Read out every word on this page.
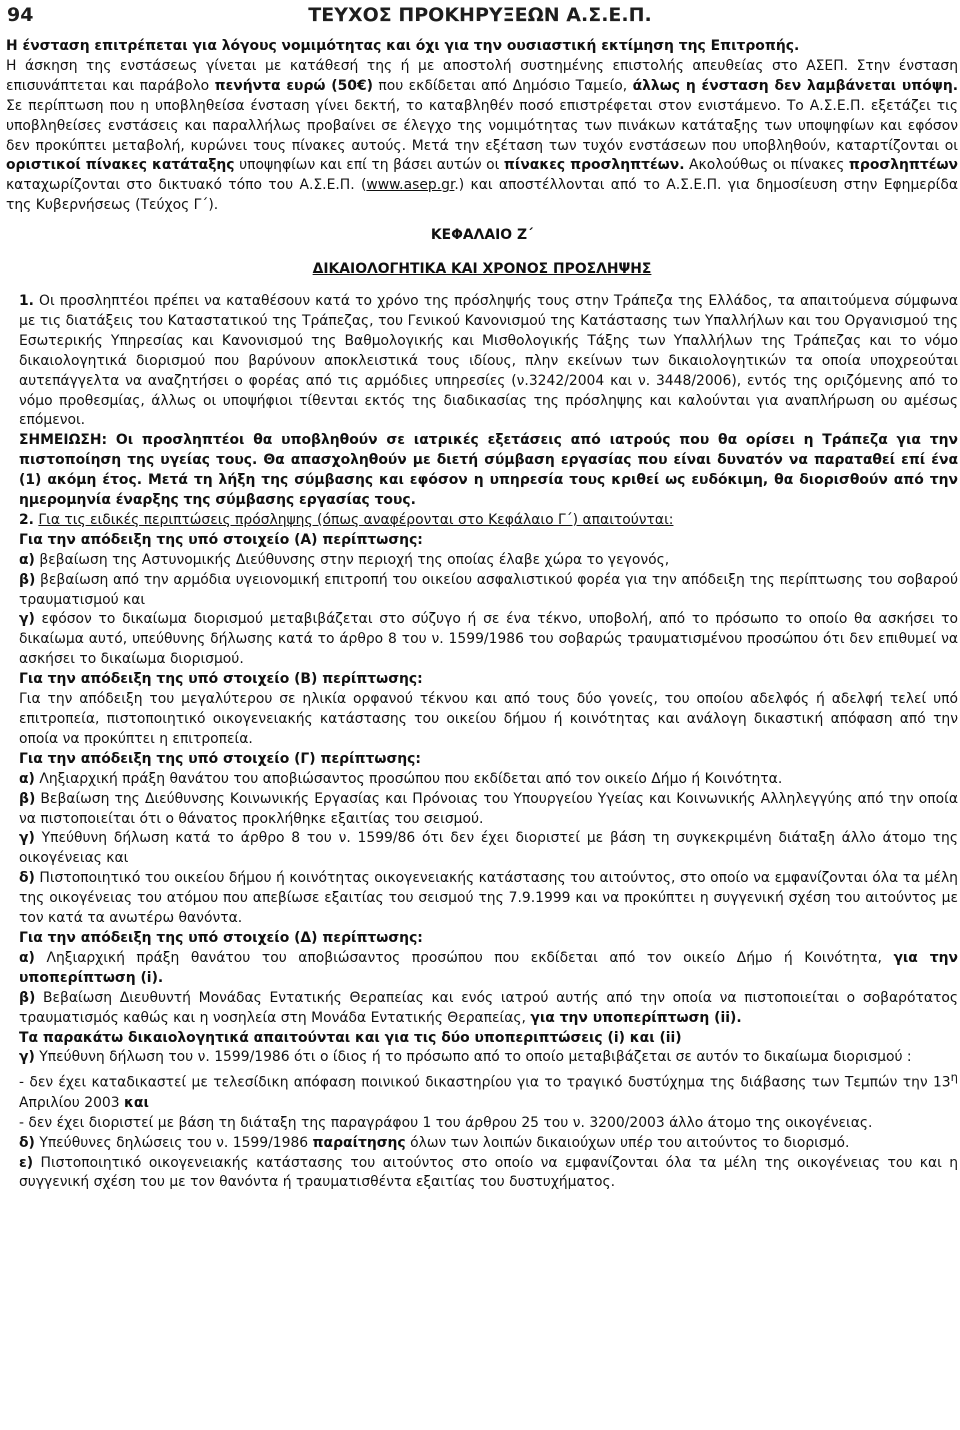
94	ΤΕΥΧΟΣ ΠΡΟΚΗΡΥΞΕΩΝ Α.Σ.Ε.Π.

Η ένσταση επιτρέπεται για λόγους νομιμότητας και όχι για την ουσιαστική εκτίμηση της Επιτροπής.

Η άσκηση της ενστάσεως γίνεται με κατάθεσή της ή με αποστολή συστημένης επιστολής απευθείας στο ΑΣΕΠ. Στην ένσταση επισυνάπτεται και παράβολο πενήντα ευρώ (50€) που εκδίδεται από Δημόσιο Ταμείο, άλλως η ένσταση δεν λαμβάνεται υπόψη. Σε περίπτωση που η υποβληθείσα ένσταση γίνει δεκτή, το καταβληθέν ποσό επιστρέφεται στον ενιστάμενο. Το Α.Σ.Ε.Π. εξετάζει τις υποβληθείσες ενστάσεις και παραλλήλως προβαίνει σε έλεγχο της νομιμότητας των πινάκων κατάταξης των υποψηφίων και εφόσον δεν προκύπτει μεταβολή, κυρώνει τους πίνακες αυτούς. Μετά την εξέταση των τυχόν ενστάσεων που υποβληθούν, καταρτίζονται οι οριστικοί πίνακες κατάταξης υποψηφίων και επί τη βάσει αυτών οι πίνακες προσληπτέων. Ακολούθως οι πίνακες προσληπτέων καταχωρίζονται στο δικτυακό τόπο του Α.Σ.Ε.Π. (www.asep.gr.) και αποστέλλονται από το Α.Σ.Ε.Π. για δημοσίευση στην Εφημερίδα της Κυβερνήσεως (Τεύχος Γ΄).

ΚΕΦΑΛΑΙΟ Ζ΄

ΔΙΚΑΙΟΛΟΓΗΤΙΚΑ ΚΑΙ ΧΡΟΝΟΣ ΠΡΟΣΛΗΨΗΣ

1. Οι προσληπτέοι πρέπει να καταθέσουν κατά το χρόνο της πρόσληψής τους στην Τράπεζα της Ελλάδος, τα απαιτούμενα σύμφωνα με τις διατάξεις του Καταστατικού της Τράπεζας, του Γενικού Κανονισμού της Κατάστασης των Υπαλλήλων και του Οργανισμού της Εσωτερικής Υπηρεσίας και Κανονισμού της Βαθμολογικής και Μισθολογικής Τάξης των Υπαλλήλων της Τράπεζας και το νόμο δικαιολογητικά διορισμού που βαρύνουν αποκλειστικά τους ιδίους, πλην εκείνων των δικαιολογητικών τα οποία υποχρεούται αυτεπάγγελτα να αναζητήσει ο φορέας από τις αρμόδιες υπηρεσίες (ν.3242/2004 και ν. 3448/2006), εντός της οριζόμενης από το νόμο προθεσμίας, άλλως οι υποψήφιοι τίθενται εκτός της διαδικασίας της πρόσληψης και καλούνται για αναπλήρωση ου αμέσως επόμενοι.

ΣΗΜΕΙΩΣΗ: Οι προσληπτέοι θα υποβληθούν σε ιατρικές εξετάσεις από ιατρούς που θα ορίσει η Τράπεζα για την πιστοποίηση της υγείας τους. Θα απασχοληθούν με διετή σύμβαση εργασίας που είναι δυνατόν να παραταθεί επί ένα (1) ακόμη έτος. Μετά τη λήξη της σύμβασης και εφόσον η υπηρεσία τους κριθεί ως ευδόκιμη, θα διορισθούν από την ημερομηνία έναρξης της σύμβασης εργασίας τους.

2. Για τις ειδικές περιπτώσεις πρόσληψης (όπως αναφέρονται στο Κεφάλαιο Γ΄) απαιτούνται:

Για την απόδειξη της υπό στοιχείο (Α) περίπτωσης:

α) βεβαίωση της Αστυνομικής Διεύθυνσης στην περιοχή της οποίας έλαβε χώρα το γεγονός,

β) βεβαίωση από την αρμόδια υγειονομική επιτροπή του οικείου ασφαλιστικού φορέα για την απόδειξη της περίπτωσης του σοβαρού τραυματισμού και

γ) εφόσον το δικαίωμα διορισμού μεταβιβάζεται στο σύζυγο ή σε ένα τέκνο, υποβολή, από το πρόσωπο το οποίο θα ασκήσει το δικαίωμα αυτό, υπεύθυνης δήλωσης κατά το άρθρο 8 του ν. 1599/1986 του σοβαρώς τραυματισμένου προσώπου ότι δεν επιθυμεί να ασκήσει το δικαίωμα διορισμού.

Για την απόδειξη της υπό στοιχείο (Β) περίπτωσης:

Για την απόδειξη του μεγαλύτερου σε ηλικία ορφανού τέκνου και από τους δύο γονείς, του οποίου αδελφός ή αδελφή τελεί υπό επιτροπεία, πιστοποιητικό οικογενειακής κατάστασης του οικείου δήμου ή κοινότητας και ανάλογη δικαστική απόφαση από την οποία να προκύπτει η επιτροπεία.

Για την απόδειξη της υπό στοιχείο (Γ) περίπτωσης:

α) Ληξιαρχική πράξη θανάτου του αποβιώσαντος προσώπου που εκδίδεται από τον οικείο Δήμο ή Κοινότητα.

β) Βεβαίωση της Διεύθυνσης Κοινωνικής Εργασίας και Πρόνοιας του Υπουργείου Υγείας και Κοινωνικής Αλληλεγγύης από την οποία να πιστοποιείται ότι ο θάνατος προκλήθηκε εξαιτίας του σεισμού.

γ) Υπεύθυνη δήλωση κατά το άρθρο 8 του ν. 1599/86 ότι δεν έχει διοριστεί με βάση τη συγκεκριμένη διάταξη άλλο άτομο της οικογένειας και

δ) Πιστοποιητικό του οικείου δήμου ή κοινότητας οικογενειακής κατάστασης του αιτούντος, στο οποίο να εμφανίζονται όλα τα μέλη της οικογένειας του ατόμου που απεβίωσε εξαιτίας του σεισμού της 7.9.1999 και να προκύπτει η συγγενική σχέση του αιτούντος με τον κατά τα ανωτέρω θανόντα.

Για την απόδειξη της υπό στοιχείο (Δ) περίπτωσης:

α) Ληξιαρχική πράξη θανάτου του αποβιώσαντος προσώπου που εκδίδεται από τον οικείο Δήμο ή Κοινότητα, για την υποπερίπτωση (i).

β) Βεβαίωση Διευθυντή Μονάδας Εντατικής Θεραπείας και ενός ιατρού αυτής από την οποία να πιστοποιείται ο σοβαρότατος τραυματισμός καθώς και η νοσηλεία στη Μονάδα Εντατικής Θεραπείας, για την υποπερίπτωση (ii).

Τα παρακάτω δικαιολογητικά απαιτούνται και για τις δύο υποπεριπτώσεις (i) και (ii)

γ) Υπεύθυνη δήλωση του ν. 1599/1986 ότι ο ίδιος ή το πρόσωπο από το οποίο μεταβιβάζεται σε αυτόν το δικαίωμα διορισμού :

- δεν έχει καταδικαστεί με τελεσίδικη απόφαση ποινικού δικαστηρίου για το τραγικό δυστύχημα της διάβασης των Τεμπών την $13^\eta$ Απριλίου 2003 και

- δεν έχει διοριστεί με βάση τη διάταξη της παραγράφου 1 του άρθρου 25 του ν. 3200/2003 άλλο άτομο της οικογένειας.

δ) Υπεύθυνες δηλώσεις του ν. 1599/1986 παραίτησης όλων των λοιπών δικαιούχων υπέρ του αιτούντος το διορισμό.

ε) Πιστοποιητικό οικογενειακής κατάστασης του αιτούντος στο οποίο να εμφανίζονται όλα τα μέλη της οικογένειας του και η συγγενική σχέση του με τον θανόντα ή τραυματισθέντα εξαιτίας του δυστυχήματος.
